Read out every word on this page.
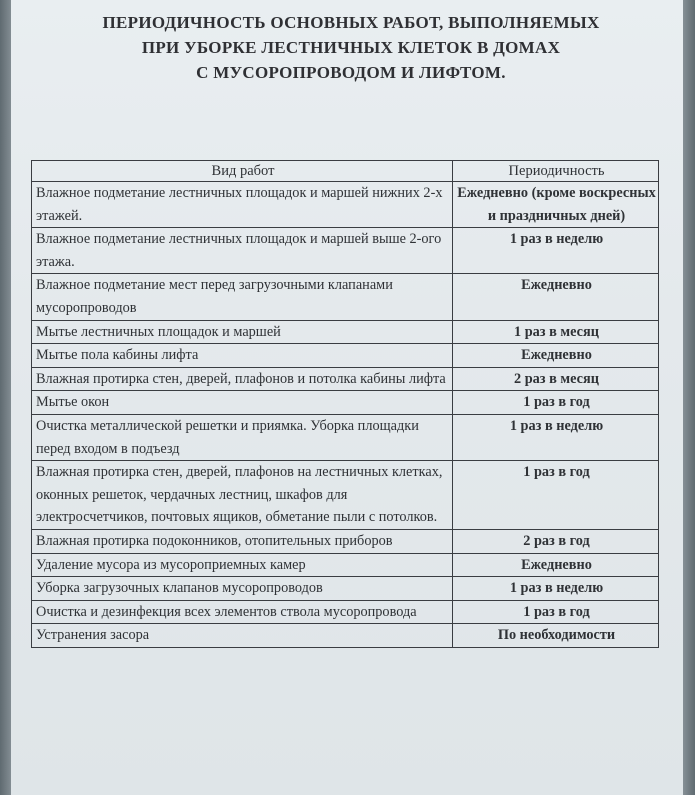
ПЕРИОДИЧНОСТЬ ОСНОВНЫХ РАБОТ, ВЫПОЛНЯЕМЫХ
ПРИ УБОРКЕ ЛЕСТНИЧНЫХ КЛЕТОК В ДОМАХ
С МУСОРОПРОВОДОМ И ЛИФТОМ.
Вид работ	Периодичность
Влажное подметание лестничных площадок и маршей нижних 2-х этажей.	Ежедневно (кроме воскресных и праздничных дней)
Влажное подметание лестничных площадок и маршей выше 2-ого этажа.	1 раз в неделю
Влажное подметание мест перед загрузочными клапанами мусоропроводов	Ежедневно
Мытье лестничных площадок и маршей	1 раз в месяц
Мытье пола кабины лифта	Ежедневно
Влажная протирка стен, дверей, плафонов и потолка кабины лифта	2 раз в месяц
Мытье окон	1 раз в год
Очистка металлической решетки и приямка. Уборка площадки перед входом в подъезд	1 раз в неделю
Влажная протирка стен, дверей, плафонов на лестничных клетках, оконных решеток, чердачных лестниц, шкафов для электросчетчиков, почтовых ящиков, обметание пыли с потолков.	1 раз в год
Влажная протирка подоконников, отопительных приборов	2 раз в год
Удаление мусора из мусороприемных камер	Ежедневно
Уборка загрузочных клапанов мусоропроводов	1 раз в неделю
Очистка и дезинфекция всех элементов ствола мусоропровода	1 раз в год
Устранения засора	По необходимости
